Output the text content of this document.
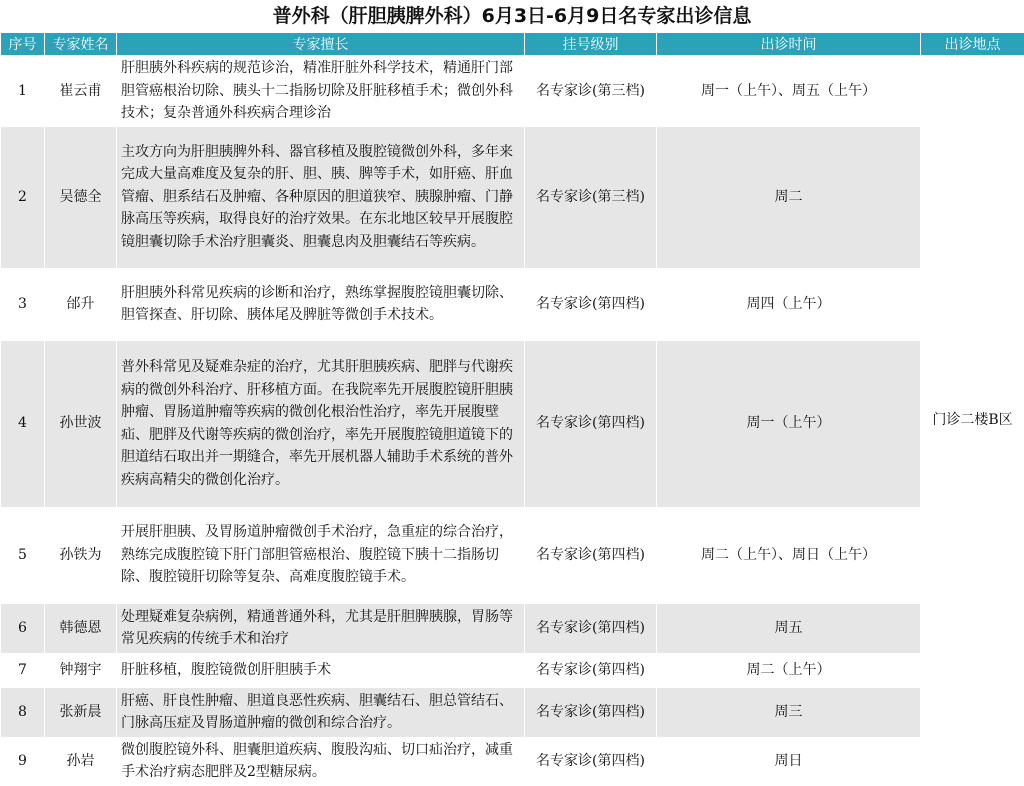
普外科（肝胆胰脾外科）6月3日-6月9日名专家出诊信息
序号	专家姓名	专家擅长	挂号级别	出诊时间	出诊地点
1	崔云甫	肝胆胰外科疾病的规范诊治，精准肝脏外科学技术，精通肝门部胆管癌根治切除、胰头十二指肠切除及肝脏移植手术；微创外科技术；复杂普通外科疾病合理诊治	名专家诊(第三档)	周一（上午）、周五（上午）	门诊二楼B区
2	吴德全	主攻方向为肝胆胰脾外科、器官移植及腹腔镜微创外科，多年来完成大量高难度及复杂的肝、胆、胰、脾等手术，如肝癌、肝血管瘤、胆系结石及肿瘤、各种原因的胆道狭窄、胰腺肿瘤、门静脉高压等疾病，取得良好的治疗效果。在东北地区较早开展腹腔镜胆囊切除手术治疗胆囊炎、胆囊息肉及胆囊结石等疾病。	名专家诊(第三档)	周二	
3	邰升	肝胆胰外科常见疾病的诊断和治疗，熟练掌握腹腔镜胆囊切除、胆管探查、肝切除、胰体尾及脾脏等微创手术技术。	名专家诊(第四档)	周四（上午）	
4	孙世波	普外科常见及疑难杂症的治疗，尤其肝胆胰疾病、肥胖与代谢疾病的微创外科治疗、肝移植方面。在我院率先开展腹腔镜肝胆胰肿瘤、胃肠道肿瘤等疾病的微创化根治性治疗，率先开展腹壁疝、肥胖及代谢等疾病的微创治疗，率先开展腹腔镜胆道镜下的胆道结石取出并一期缝合，率先开展机器人辅助手术系统的普外疾病高精尖的微创化治疗。	名专家诊(第四档)	周一（上午）	
5	孙铁为	开展肝胆胰、及胃肠道肿瘤微创手术治疗，急重症的综合治疗，熟练完成腹腔镜下肝门部胆管癌根治、腹腔镜下胰十二指肠切除、腹腔镜肝切除等复杂、高难度腹腔镜手术。	名专家诊(第四档)	周二（上午）、周日（上午）	
6	韩德恩	处理疑难复杂病例，精通普通外科，尤其是肝胆脾胰腺，胃肠等常见疾病的传统手术和治疗	名专家诊(第四档)	周五	
7	钟翔宇	肝脏移植，腹腔镜微创肝胆胰手术	名专家诊(第四档)	周二（上午）	
8	张新晨	肝癌、肝良性肿瘤、胆道良恶性疾病、胆囊结石、胆总管结石、门脉高压症及胃肠道肿瘤的微创和综合治疗。	名专家诊(第四档)	周三	
9	孙岩	微创腹腔镜外科、胆囊胆道疾病、腹股沟疝、切口疝治疗，减重手术治疗病态肥胖及2型糖尿病。	名专家诊(第四档)	周日	
